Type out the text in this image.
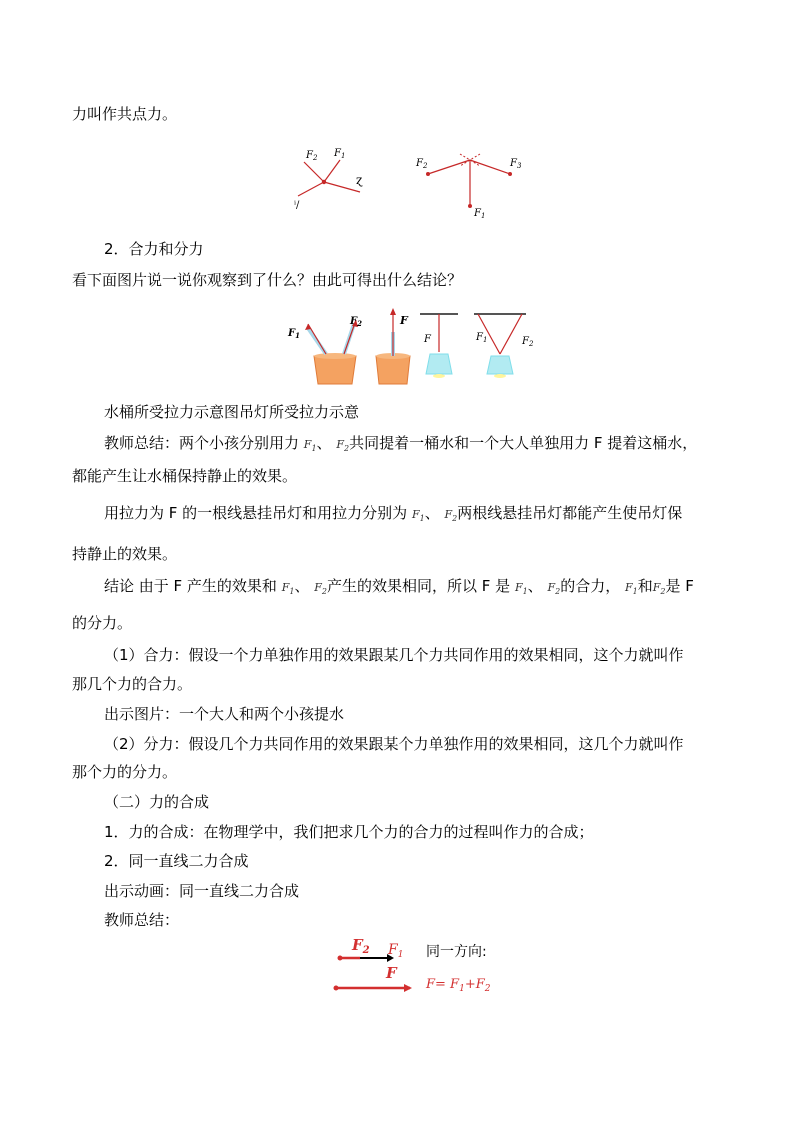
力叫作共点力。
$F_2$ $F_1$
ɀ
ⁱ/
$F_2$	$F_3$
$F_1$
2．合力和分力
看下面图片说一说你观察到了什么？由此可得出什么结论？
$F_1$
$F_2$	F
F	$F_1$	$F_2$
水桶所受拉力示意图吊灯所受拉力示意
教师总结：两个小孩分别用力 $F_1$、 $F_2$共同提着一桶水和一个大人单独用力 F 提着这桶水，
都能产生让水桶保持静止的效果。
用拉力为 F 的一根线悬挂吊灯和用拉力分别为 $F_1$、 $F_2$两根线悬挂吊灯都能产生使吊灯保
持静止的效果。
结论 由于 F 产生的效果和 $F_1$、 $F_2$产生的效果相同，所以 F 是 $F_1$、 $F_2$的合力， $F_1$和$F_2$是 F
的分力。
（1）合力：假设一个力单独作用的效果跟某几个力共同作用的效果相同，这个力就叫作
那几个力的合力。
出示图片：一个大人和两个小孩提水
（2）分力：假设几个力共同作用的效果跟某个力单独作用的效果相同，这几个力就叫作
那个力的分力。
（二）力的合成
1．力的合成：在物理学中，我们把求几个力的合力的过程叫作力的合成；
2．同一直线二力合成
出示动画：同一直线二力合成
教师总结：
$F_2$ $F_1$
F
同一方向:
$F= F_1+F_2$
